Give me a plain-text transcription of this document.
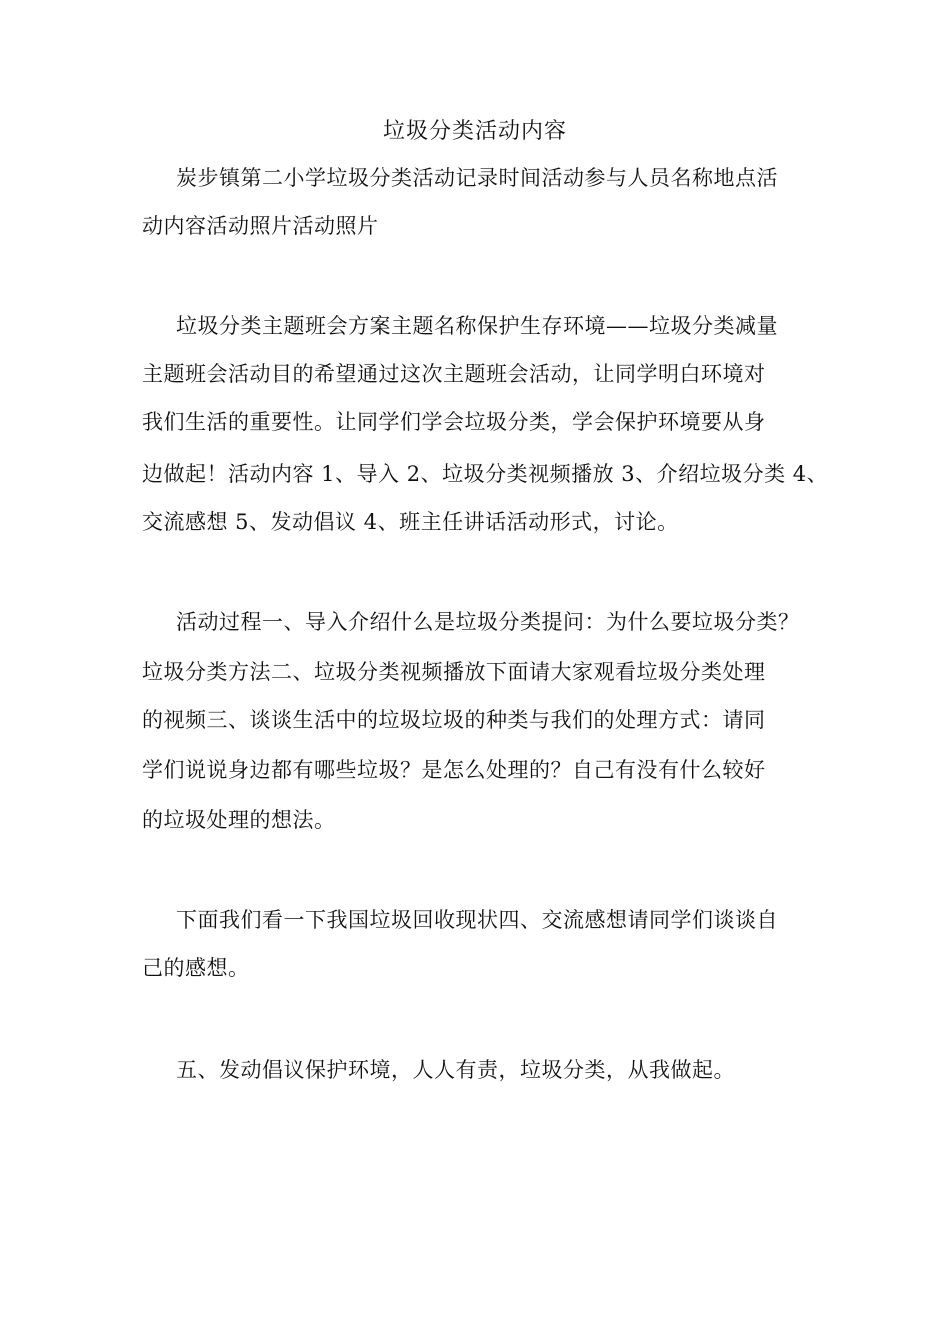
垃圾分类活动内容
炭步镇第二小学垃圾分类活动记录时间活动参与人员名称地点活
动内容活动照片活动照片
垃圾分类主题班会方案主题名称保护生存环境——垃圾分类减量
主题班会活动目的希望通过这次主题班会活动，让同学明白环境对
我们生活的重要性。让同学们学会垃圾分类，学会保护环境要从身
边做起！活动内容 1、导入 2、垃圾分类视频播放 3、介绍垃圾分类 4、
交流感想 5、发动倡议 4、班主任讲话活动形式，讨论。
活动过程一、导入介绍什么是垃圾分类提问：为什么要垃圾分类？
垃圾分类方法二、垃圾分类视频播放下面请大家观看垃圾分类处理
的视频三、谈谈生活中的垃圾垃圾的种类与我们的处理方式：请同
学们说说身边都有哪些垃圾？是怎么处理的？自己有没有什么较好
的垃圾处理的想法。
下面我们看一下我国垃圾回收现状四、交流感想请同学们谈谈自
己的感想。
五、发动倡议保护环境，人人有责，垃圾分类，从我做起。
